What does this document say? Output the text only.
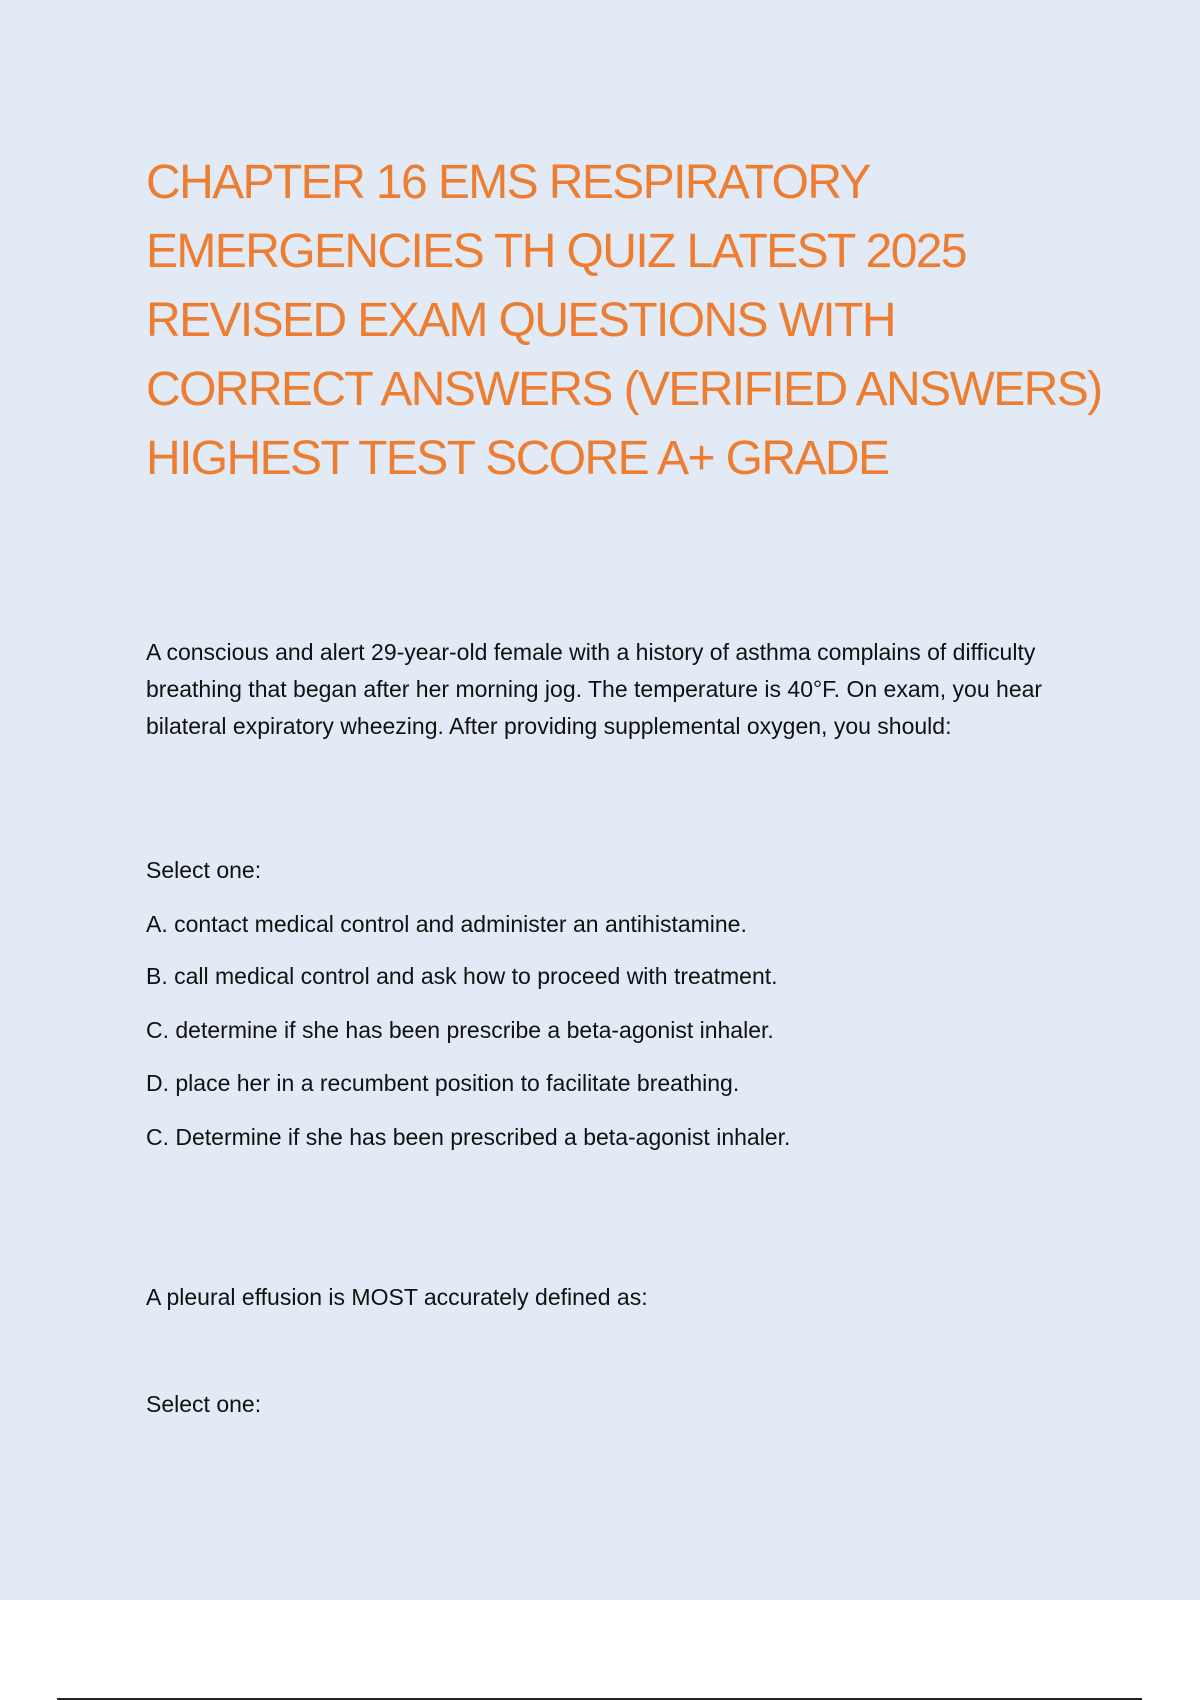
CHAPTER 16 EMS RESPIRATORY EMERGENCIES TH QUIZ LATEST 2025 REVISED EXAM QUESTIONS WITH CORRECT ANSWERS (VERIFIED ANSWERS) HIGHEST TEST SCORE A+ GRADE

A conscious and alert 29-year-old female with a history of asthma complains of difficulty breathing that began after her morning jog. The temperature is 40°F. On exam, you hear bilateral expiratory wheezing. After providing supplemental oxygen, you should:

Select one:

A. contact medical control and administer an antihistamine.

B. call medical control and ask how to proceed with treatment.

C. determine if she has been prescribe a beta-agonist inhaler.

D. place her in a recumbent position to facilitate breathing.

C. Determine if she has been prescribed a beta-agonist inhaler.

A pleural effusion is MOST accurately defined as:

Select one:
